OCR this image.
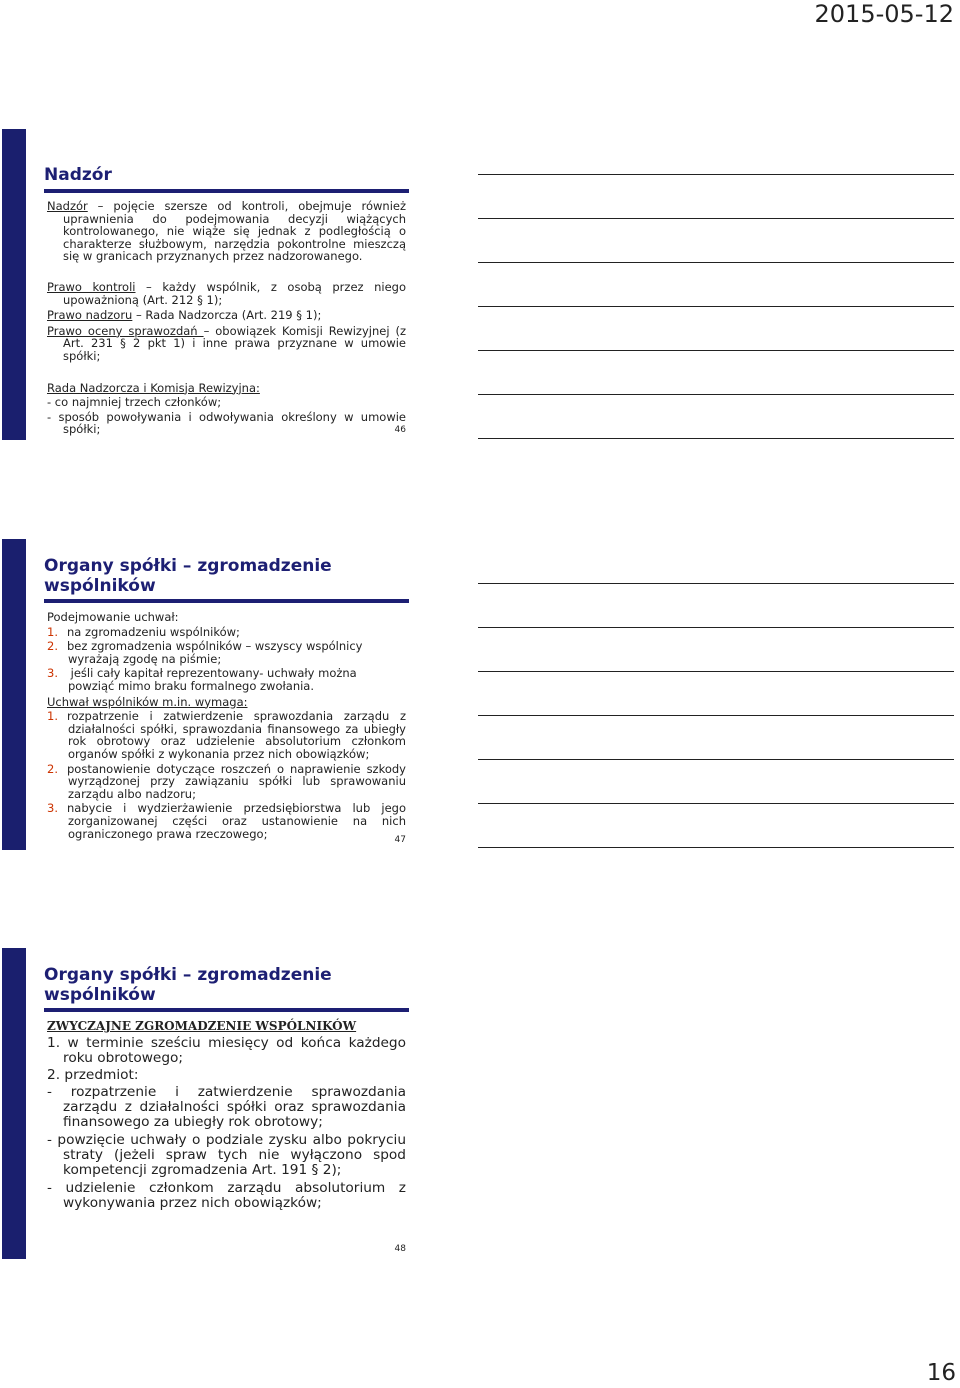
2015-05-12
Nadzór

Nadzór – pojęcie szersze od kontroli, obejmuje również uprawnienia do podejmowania decyzji wiążących kontrolowanego, nie wiąże się jednak z podległością o charakterze służbowym, narzędzia pokontrolne mieszczą się w granicach przyznanych przez nadzorowanego.

Prawo kontroli – każdy wspólnik, z osobą przez niego upoważnioną (Art. 212 § 1);

Prawo nadzoru – Rada Nadzorcza (Art. 219 § 1);

Prawo oceny sprawozdań – obowiązek Komisji Rewizyjnej (z Art. 231 § 2 pkt 1) i inne prawa przyznane w umowie spółki;

Rada Nadzorcza i Komisja Rewizyjna:

- co najmniej trzech członków;

- sposób powoływania i odwoływania określony w umowie spółki;	46
Organy spółki – zgromadzenie wspólników

Podejmowanie uchwał:

1. na zgromadzeniu wspólników;

2. bez zgromadzenia wspólników – wszyscy wspólnicy wyrażają zgodę na piśmie;

3. jeśli cały kapitał reprezentowany- uchwały można powziąć mimo braku formalnego zwołania.

Uchwał wspólników m.in. wymaga:

1. rozpatrzenie i zatwierdzenie sprawozdania zarządu z działalności spółki, sprawozdania finansowego za ubiegły rok obrotowy oraz udzielenie absolutorium członkom organów spółki z wykonania przez nich obowiązków;

2. postanowienie dotyczące roszczeń o naprawienie szkody wyrządzonej przy zawiązaniu spółki lub sprawowaniu zarządu albo nadzoru;

3. nabycie i wydzierżawienie przedsiębiorstwa lub jego zorganizowanej części oraz ustanowienie na nich ograniczonego prawa rzeczowego;	47
Organy spółki – zgromadzenie wspólników

ZWYCZAJNE ZGROMADZENIE WSPÓLNIKÓW

1. w terminie sześciu miesięcy od końca każdego roku obrotowego;

2. przedmiot:

- rozpatrzenie i zatwierdzenie sprawozdania zarządu z działalności spółki oraz sprawozdania finansowego za ubiegły rok obrotowy;

- powzięcie uchwały o podziale zysku albo pokryciu straty (jeżeli spraw tych nie wyłączono spod kompetencji zgromadzenia Art. 191 § 2);

- udzielenie członkom zarządu absolutorium z wykonywania przez nich obowiązków;

48
16
